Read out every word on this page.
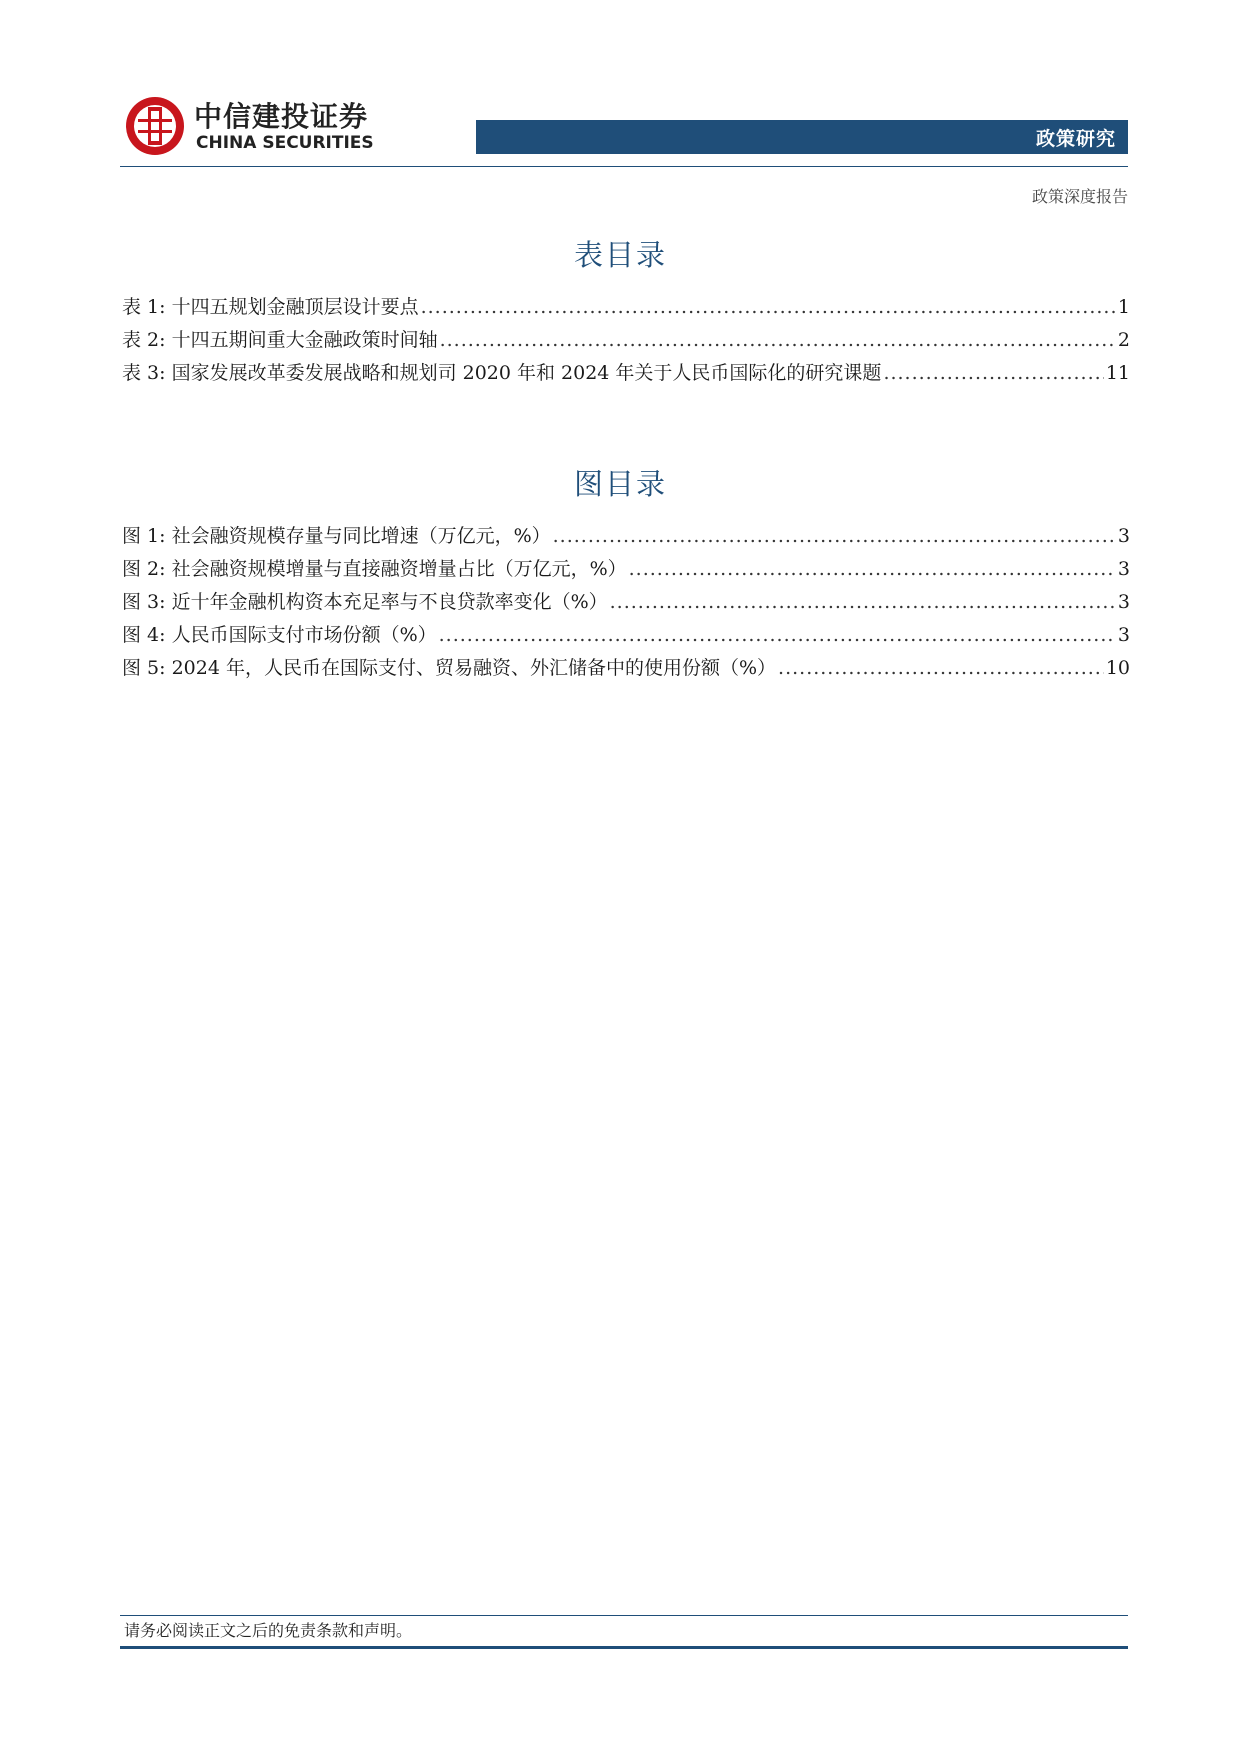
中信建投证券
CHINA SECURITIES	政策研究
政策深度报告
表目录
表 1: 十四五规划金融顶层设计要点 .....	1
表 2: 十四五期间重大金融政策时间轴 .....	2
表 3: 国家发展改革委发展战略和规划司 2020 年和 2024 年关于人民币国际化的研究课题 .....	11
图目录
图 1: 社会融资规模存量与同比增速（万亿元，%） .....	3
图 2: 社会融资规模增量与直接融资增量占比（万亿元，%） .....	3
图 3: 近十年金融机构资本充足率与不良贷款率变化（%） .....	3
图 4: 人民币国际支付市场份额（%） .....	3
图 5: 2024 年，人民币在国际支付、贸易融资、外汇储备中的使用份额（%） .....	10
请务必阅读正文之后的免责条款和声明。
